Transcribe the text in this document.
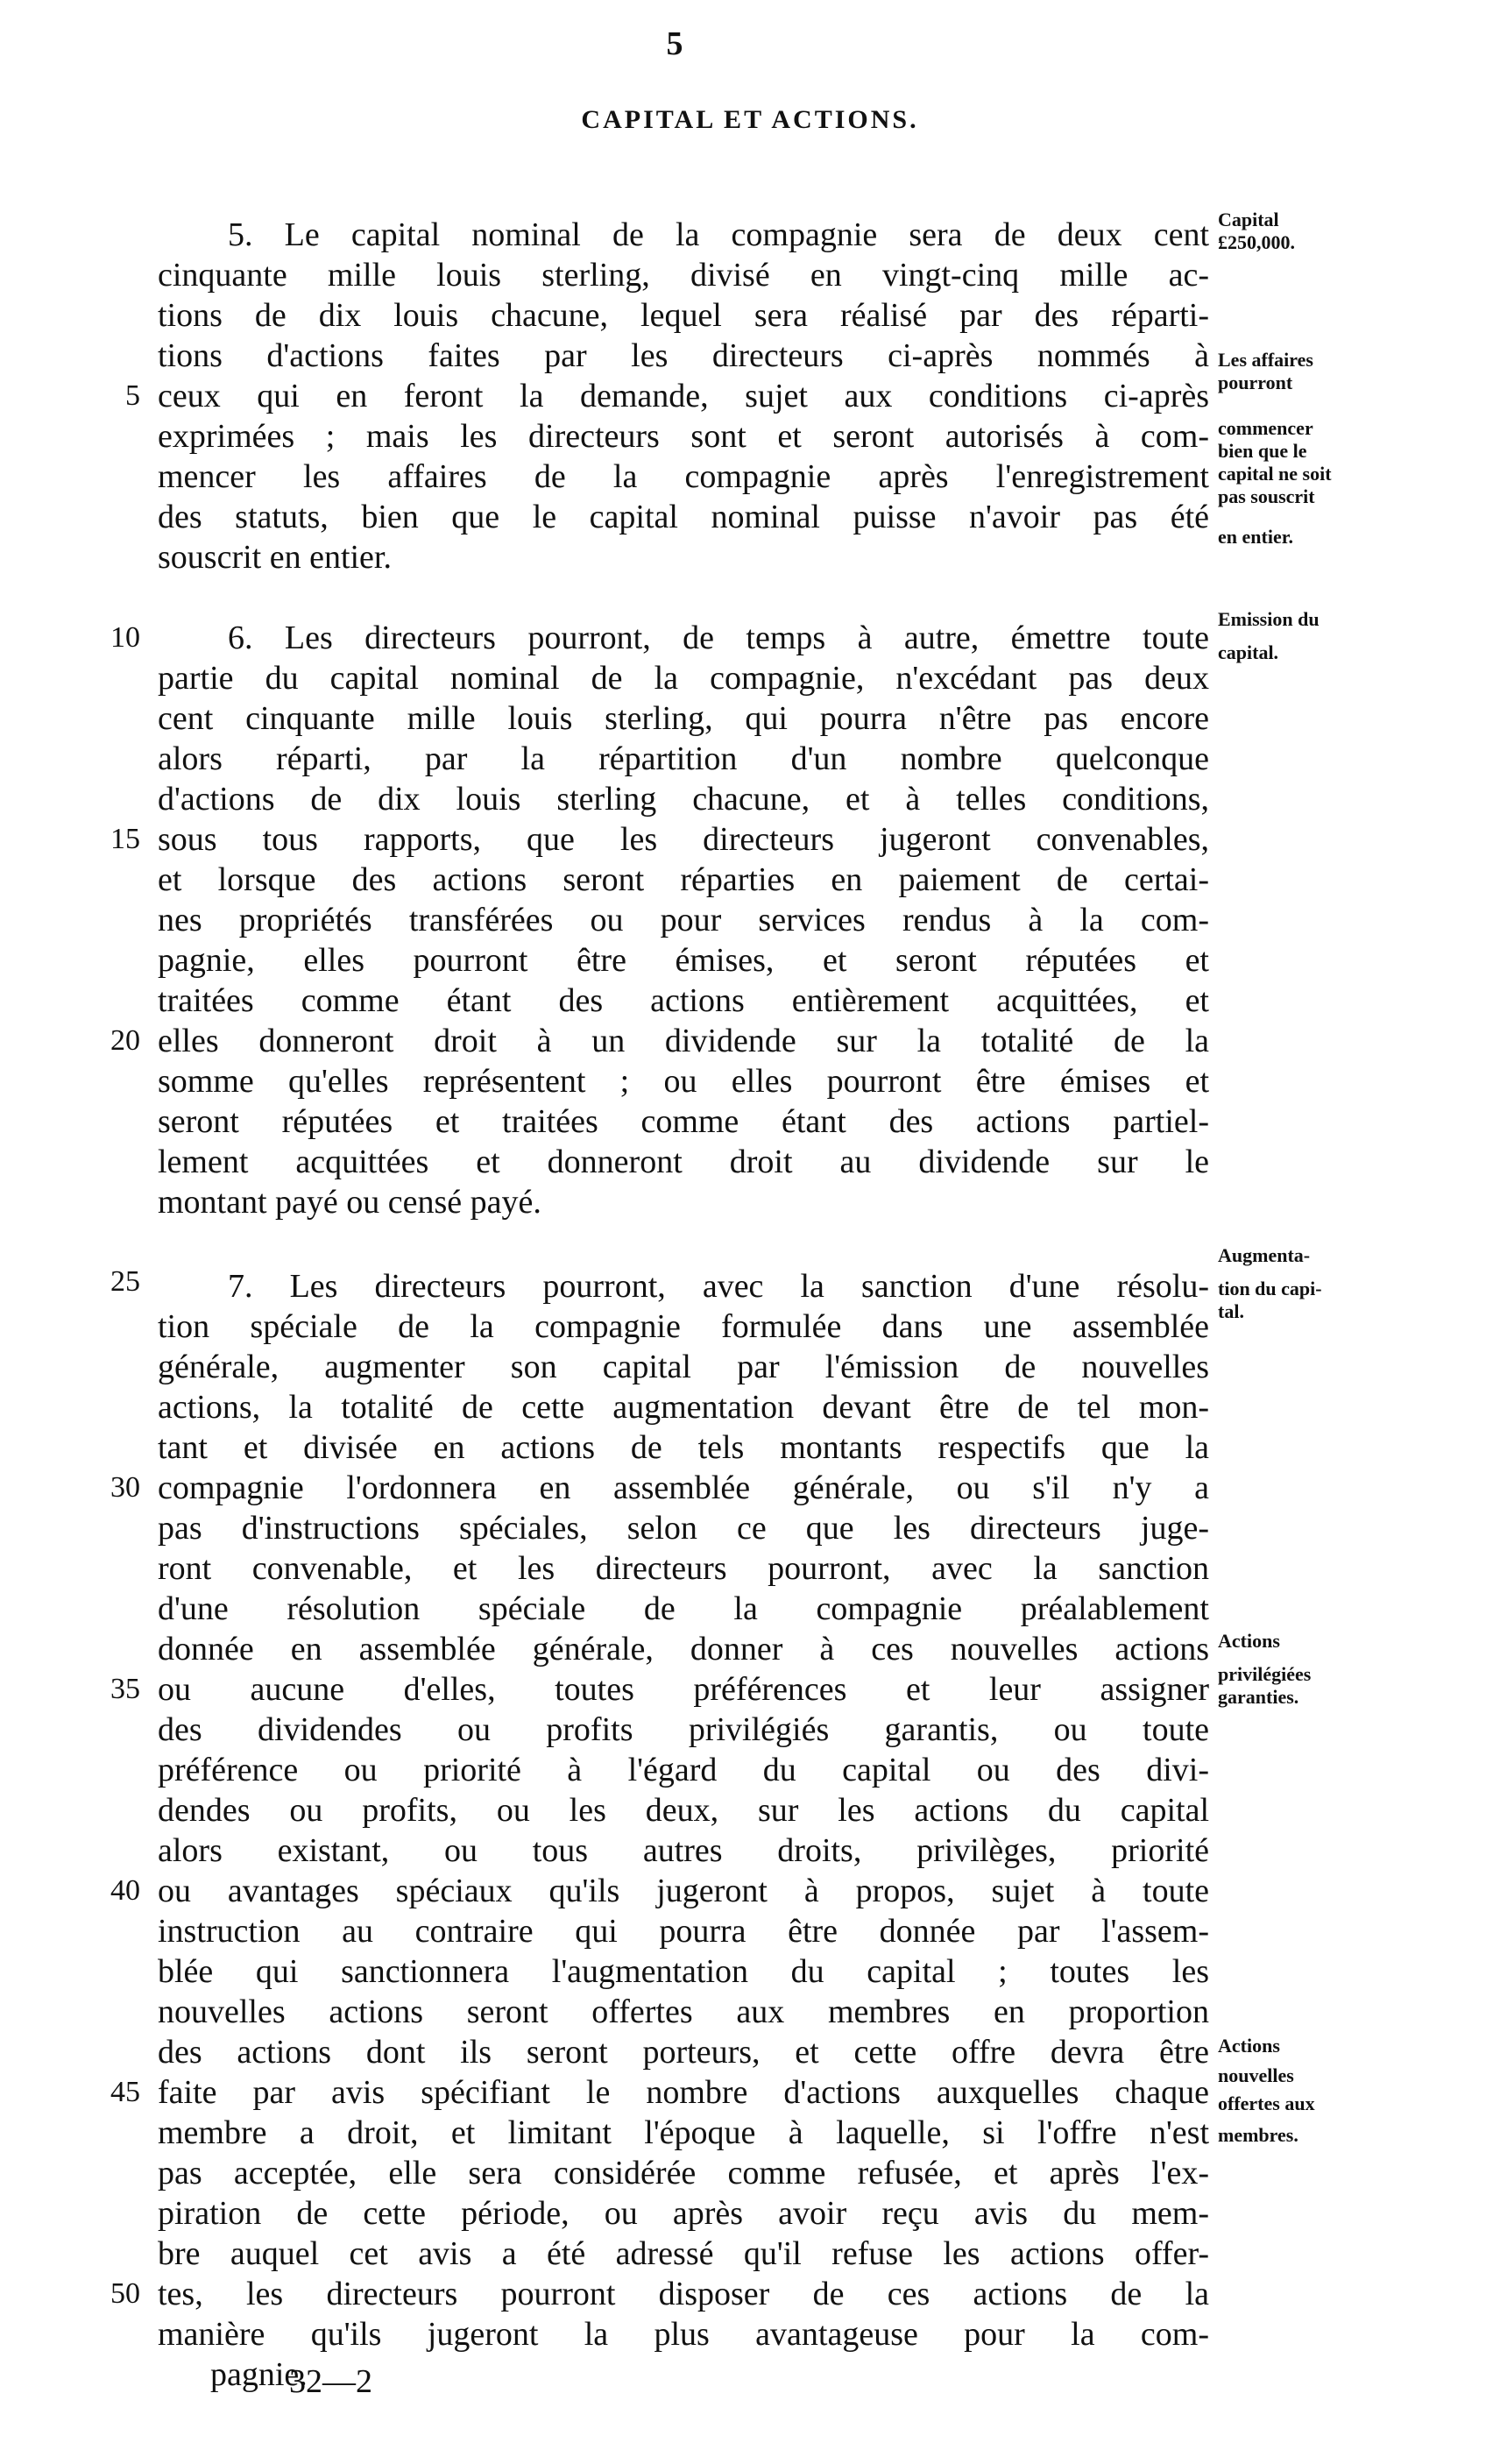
5
CAPITAL ET ACTIONS.
5. Le capital nominal de la compagnie sera de deux cent
cinquante mille louis sterling, divisé en vingt-cinq mille ac-
tions de dix louis chacune, lequel sera réalisé par des réparti-
tions d'actions faites par les directeurs ci-après nommés à
ceux qui en feront la demande, sujet aux conditions ci-après
exprimées ; mais les directeurs sont et seront autorisés à com-
mencer les affaires de la compagnie après l'enregistrement
des statuts, bien que le capital nominal puisse n'avoir pas été
souscrit en entier.
6. Les directeurs pourront, de temps à autre, émettre toute
partie du capital nominal de la compagnie, n'excédant pas deux
cent cinquante mille louis sterling, qui pourra n'être pas encore
alors réparti, par la répartition d'un nombre quelconque
d'actions de dix louis sterling chacune, et à telles conditions,
sous tous rapports, que les directeurs jugeront convenables,
et lorsque des actions seront réparties en paiement de certai-
nes propriétés transférées ou pour services rendus à la com-
pagnie, elles pourront être émises, et seront réputées et
traitées comme étant des actions entièrement acquittées, et
elles donneront droit à un dividende sur la totalité de la
somme qu'elles représentent ; ou elles pourront être émises et
seront réputées et traitées comme étant des actions partiel-
lement acquittées et donneront droit au dividende sur le
montant payé ou censé payé.
7. Les directeurs pourront, avec la sanction d'une résolu-
tion spéciale de la compagnie formulée dans une assemblée
générale, augmenter son capital par l'émission de nouvelles
actions, la totalité de cette augmentation devant être de tel mon-
tant et divisée en actions de tels montants respectifs que la
compagnie l'ordonnera en assemblée générale, ou s'il n'y a
pas d'instructions spéciales, selon ce que les directeurs juge-
ront convenable, et les directeurs pourront, avec la sanction
d'une résolution spéciale de la compagnie préalablement
donnée en assemblée générale, donner à ces nouvelles actions
ou aucune d'elles, toutes préférences et leur assigner
des dividendes ou profits privilégiés garantis, ou toute
préférence ou priorité à l'égard du capital ou des divi-
dendes ou profits, ou les deux, sur les actions du capital
alors existant, ou tous autres droits, privilèges, priorité
ou avantages spéciaux qu'ils jugeront à propos, sujet à toute
instruction au contraire qui pourra être donnée par l'assem-
blée qui sanctionnera l'augmentation du capital ; toutes les
nouvelles actions seront offertes aux membres en proportion
des actions dont ils seront porteurs, et cette offre devra être
faite par avis spécifiant le nombre d'actions auxquelles chaque
membre a droit, et limitant l'époque à laquelle, si l'offre n'est
pas acceptée, elle sera considérée comme refusée, et après l'ex-
piration de cette période, ou après avoir reçu avis du mem-
bre auquel cet avis a été adressé qu'il refuse les actions offer-
tes, les directeurs pourront disposer de ces actions de la
manière qu'ils jugeront la plus avantageuse pour la com-
pagnie.
5
10
15
20
25
30
35
40
45
50
Capital
£250,000.
Les affaires
pourront
commencer
bien que le
capital ne soit
pas souscrit
en entier.
Emission du
capital.
Augmenta-
tion du capi-
tal.
Actions
privilégiées
garanties.
Actions
nouvelles
offertes aux
membres.
32—2
